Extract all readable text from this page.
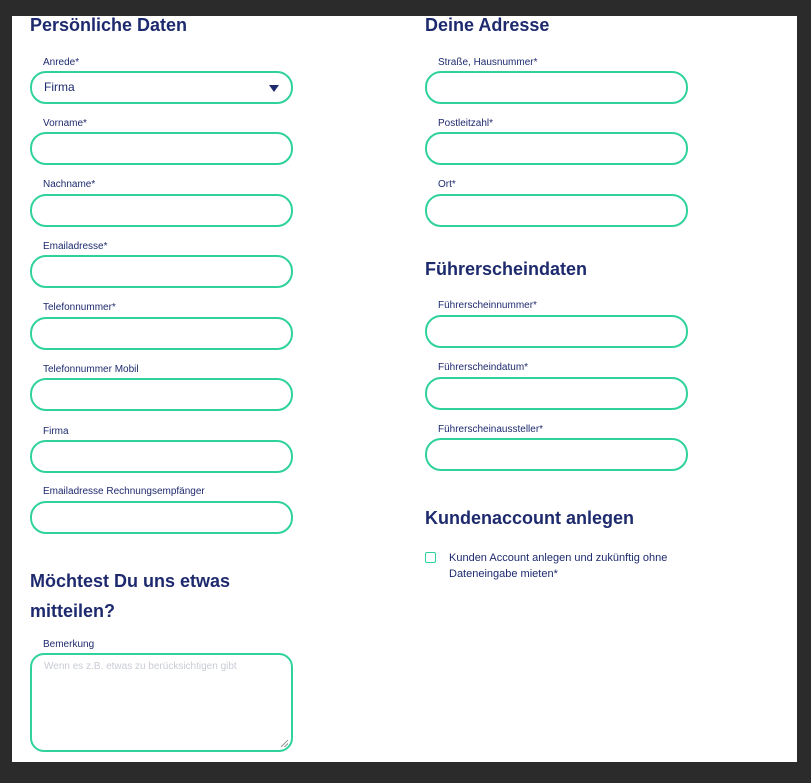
Persönliche Daten
Anrede*
Firma
Vorname*
Nachname*
Emailadresse*
Telefonnummer*
Telefonnummer Mobil
Firma
Emailadresse Rechnungsempfänger
Möchtest Du uns etwas mitteilen?
Bemerkung
Wenn es z.B. etwas zu berücksichtigen gibt
Deine Adresse
Straße, Hausnummer*
Postleitzahl*
Ort*
Führerscheindaten
Führerscheinnummer*
Führerscheindatum*
Führerscheinaussteller*
Kundenaccount anlegen
Kunden Account anlegen und zukünftig ohne Dateneingabe mieten*
